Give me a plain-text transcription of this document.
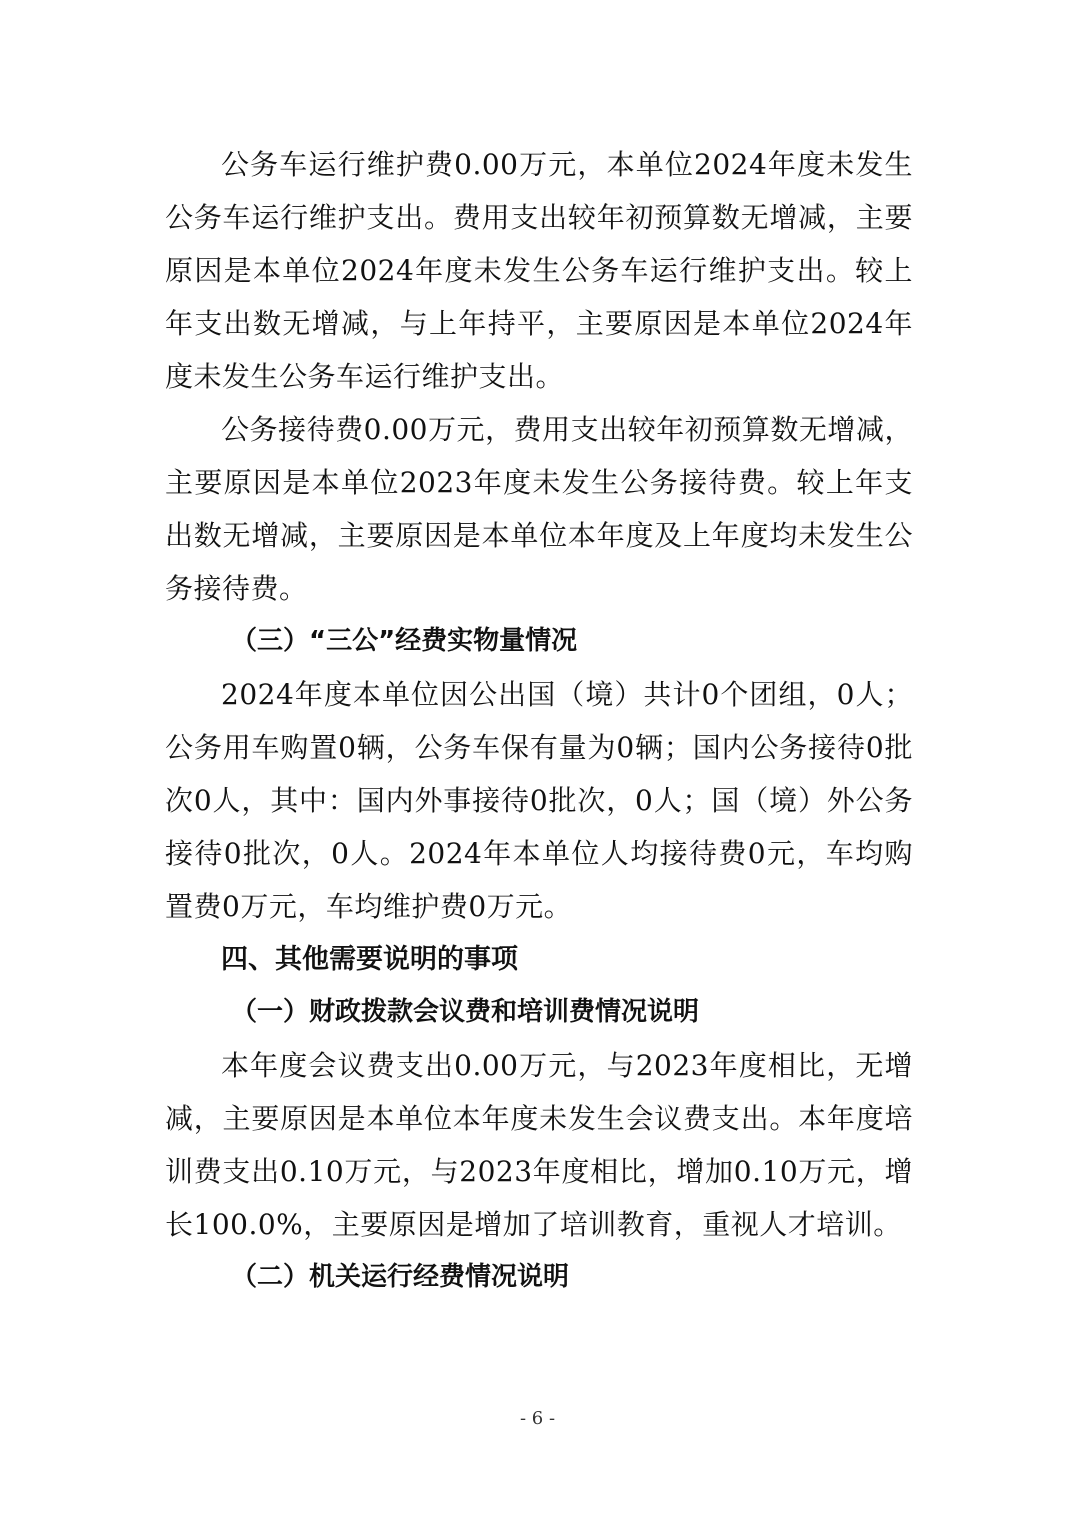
公务车运行维护费0.00万元，本单位2024年度未发生公务车运行维护支出。费用支出较年初预算数无增减，主要原因是本单位2024年度未发生公务车运行维护支出。较上年支出数无增减，与上年持平，主要原因是本单位2024年度未发生公务车运行维护支出。

公务接待费0.00万元，费用支出较年初预算数无增减，主要原因是本单位2023年度未发生公务接待费。较上年支出数无增减，主要原因是本单位本年度及上年度均未发生公务接待费。

（三）“三公”经费实物量情况

2024年度本单位因公出国（境）共计0个团组，0人；公务用车购置0辆，公务车保有量为0辆；国内公务接待0批次0人，其中：国内外事接待0批次，0人；国（境）外公务接待0批次，0人。2024年本单位人均接待费0元，车均购置费0万元，车均维护费0万元。

四、其他需要说明的事项

（一）财政拨款会议费和培训费情况说明

本年度会议费支出0.00万元，与2023年度相比，无增减，主要原因是本单位本年度未发生会议费支出。本年度培训费支出0.10万元，与2023年度相比，增加0.10万元，增长100.0%，主要原因是增加了培训教育，重视人才培训。

（二）机关运行经费情况说明

- 6 -
